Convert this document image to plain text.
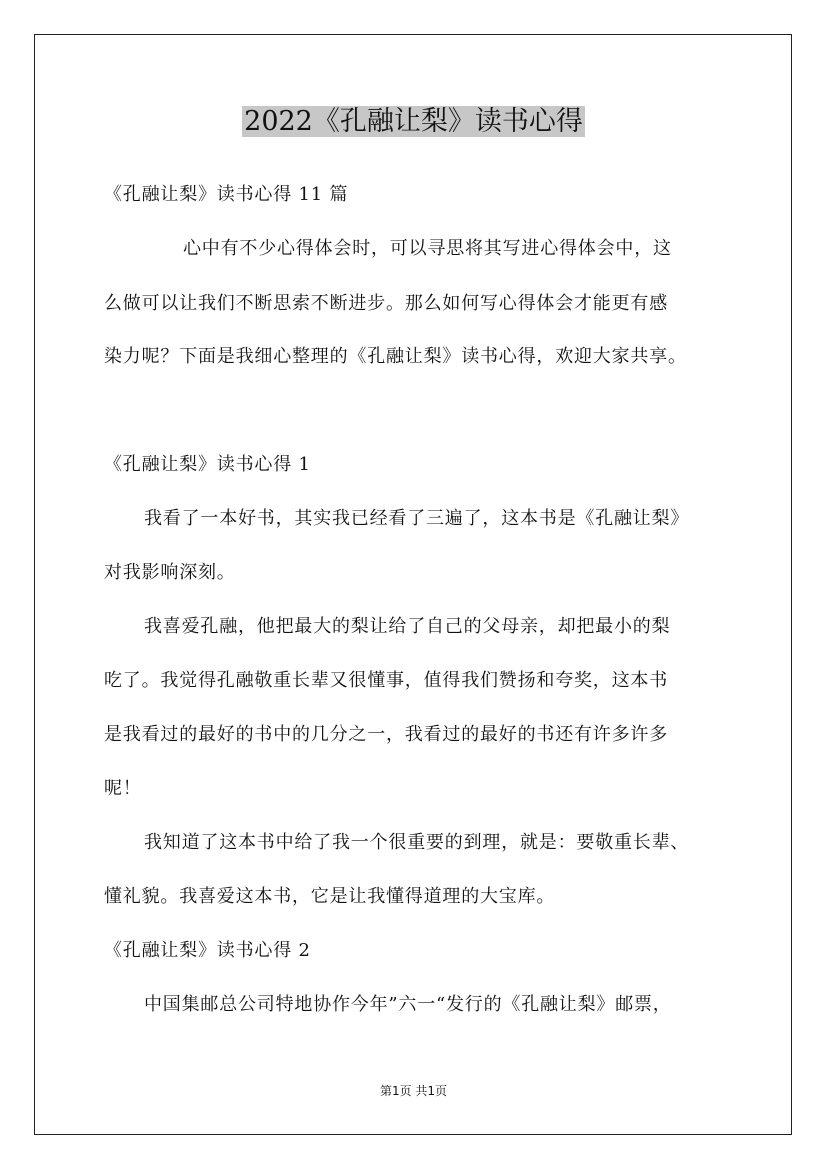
2022《孔融让梨》读书心得
《孔融让梨》读书心得 11 篇
心中有不少心得体会时，可以寻思将其写进心得体会中，这
么做可以让我们不断思索不断进步。那么如何写心得体会才能更有感
染力呢？下面是我细心整理的《孔融让梨》读书心得，欢迎大家共享。
《孔融让梨》读书心得 1
我看了一本好书，其实我已经看了三遍了，这本书是《孔融让梨》
对我影响深刻。
我喜爱孔融，他把最大的梨让给了自己的父母亲，却把最小的梨
吃了。我觉得孔融敬重长辈又很懂事，值得我们赞扬和夸奖，这本书
是我看过的最好的书中的几分之一，我看过的最好的书还有许多许多
呢！
我知道了这本书中给了我一个很重要的到理，就是：要敬重长辈、
懂礼貌。我喜爱这本书，它是让我懂得道理的大宝库。
《孔融让梨》读书心得 2
中国集邮总公司特地协作今年”六一“发行的《孔融让梨》邮票，
第1页 共1页
